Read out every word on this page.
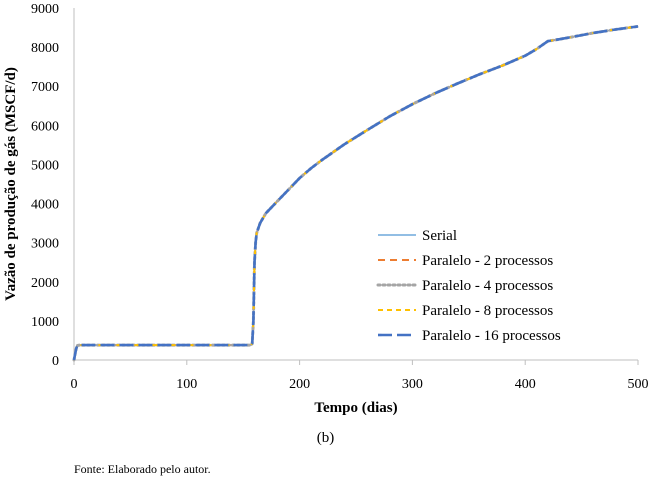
0
1000
2000
3000
4000
5000
6000
7000
8000
9000
0	100	200	300	400	500
Tempo (dias)
Vazão de produção de gás (MSCF/d)	Serial
Paralelo - 2 processos
Paralelo - 4 processos
Paralelo - 8 processos
Paralelo - 16 processos
(b)
Fonte: Elaborado pelo autor.
